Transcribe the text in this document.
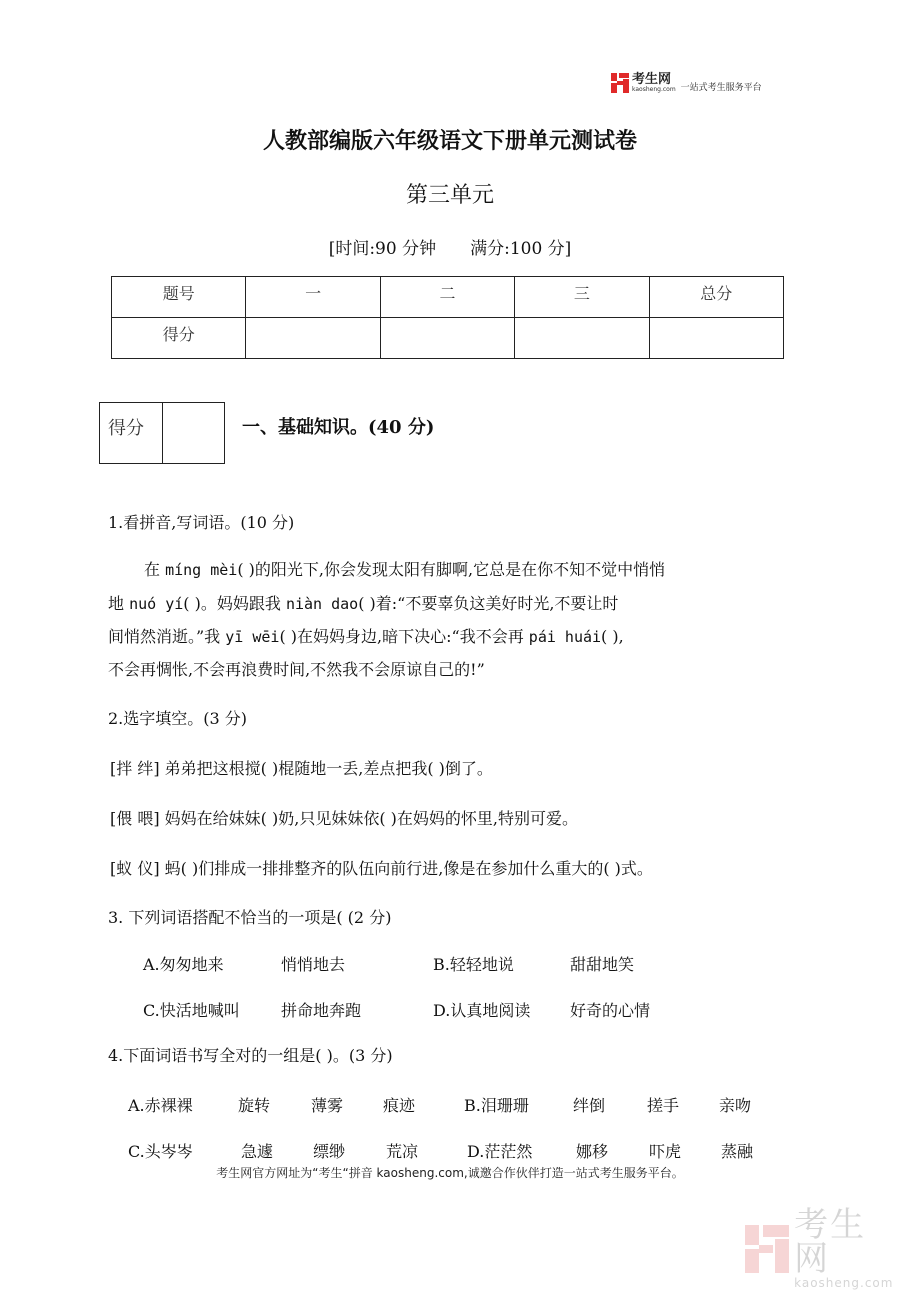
考生网
kaosheng.com 一站式考生服务平台
人教部编版六年级语文下册单元测试卷
第三单元
[时间:90 分钟 满分:100 分]
题号	一	二	三	总分
得分				
得分	一、基础知识。(40 分)
1.看拼音,写词语。(10 分)
在 míng mèi( )的阳光下,你会发现太阳有脚啊,它总是在你不知不觉中悄悄
地 nuó yí( )。妈妈跟我 niàn dao( )着:“不要辜负这美好时光,不要让时
间悄然消逝。”我 yī wēi( )在妈妈身边,暗下决心:“我不会再 pái huái( ),
不会再惆怅,不会再浪费时间,不然我不会原谅自己的!”
2.选字填空。(3 分)
[拌 绊] 弟弟把这根搅( )棍随地一丢,差点把我( )倒了。
[偎 喂] 妈妈在给妹妹( )奶,只见妹妹依( )在妈妈的怀里,特别可爱。
[蚁 仪] 蚂( )们排成一排排整齐的队伍向前行进,像是在参加什么重大的( )式。
3. 下列词语搭配不恰当的一项是( (2 分)
A.匆匆地来	悄悄地去	B.轻轻地说	甜甜地笑
C.快活地喊叫	拼命地奔跑	D.认真地阅读 好奇的心情
4.下面词语书写全对的一组是( )。(3 分)
A.赤裸裸	旋转	薄雾 痕迹	B.泪珊珊	绊倒	搓手 亲吻
C.头岑岑	急遽 缥缈	荒凉	D.茫茫然	娜移	吓虎 蒸融
考生网官方网址为“考生“拼音 kaosheng.com,诚邀合作伙伴打造一站式考生服务平台。
考生网
kaosheng.com
